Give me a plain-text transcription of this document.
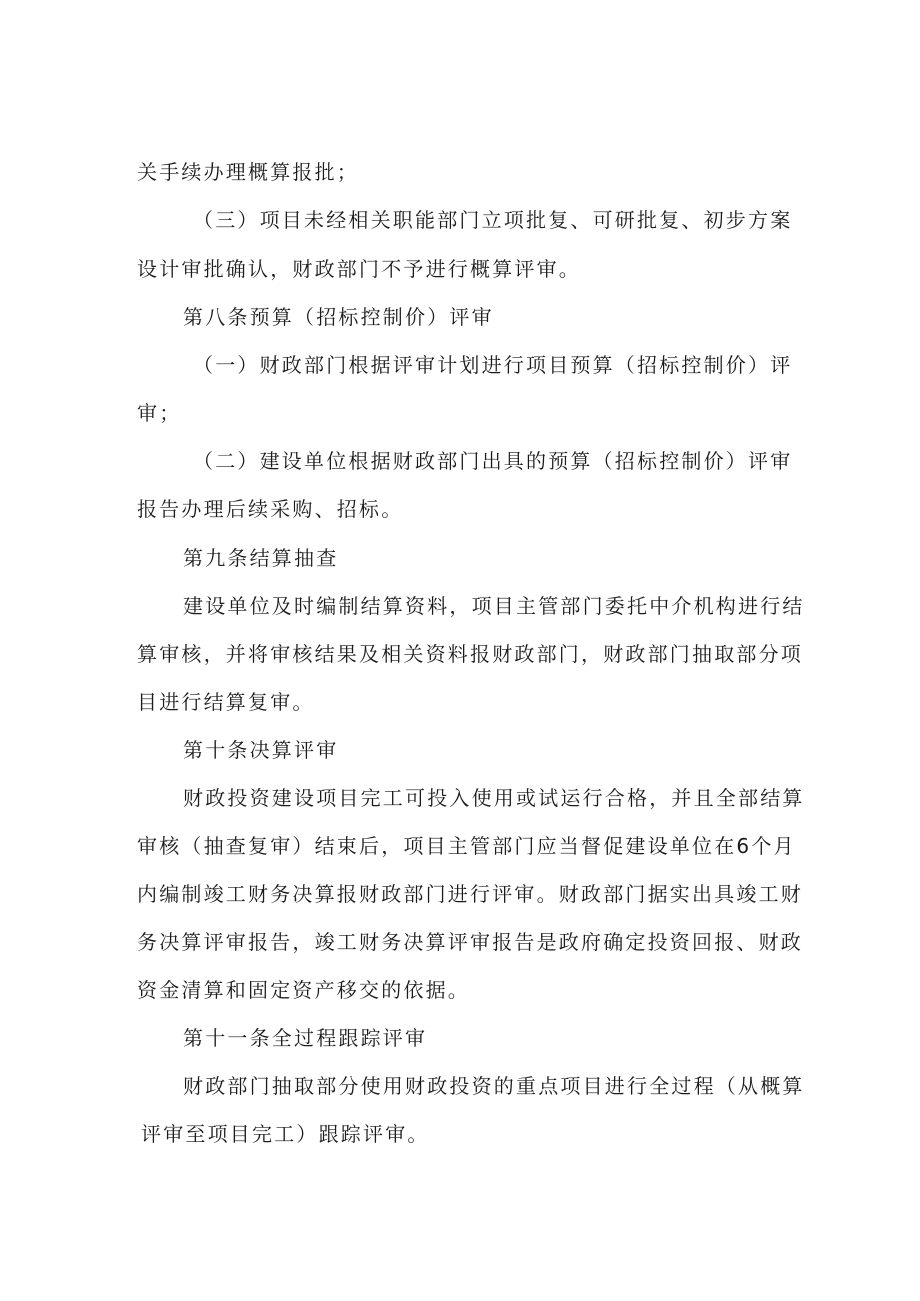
关手续办理概算报批；
（三）项目未经相关职能部门立项批复、可研批复、初步方案
设计审批确认，财政部门不予进行概算评审。
第八条预算（招标控制价）评审
（一）财政部门根据评审计划进行项目预算（招标控制价）评
审；
（二）建设单位根据财政部门出具的预算（招标控制价）评审
报告办理后续采购、招标。
第九条结算抽查
建设单位及时编制结算资料，项目主管部门委托中介机构进行结
算审核，并将审核结果及相关资料报财政部门，财政部门抽取部分项
目进行结算复审。
第十条决算评审
财政投资建设项目完工可投入使用或试运行合格，并且全部结算
审核（抽查复审）结束后，项目主管部门应当督促建设单位在6个月
内编制竣工财务决算报财政部门进行评审。财政部门据实出具竣工财
务决算评审报告，竣工财务决算评审报告是政府确定投资回报、财政
资金清算和固定资产移交的依据。
第十一条全过程跟踪评审
财政部门抽取部分使用财政投资的重点项目进行全过程（从概算
评审至项目完工）跟踪评审。
